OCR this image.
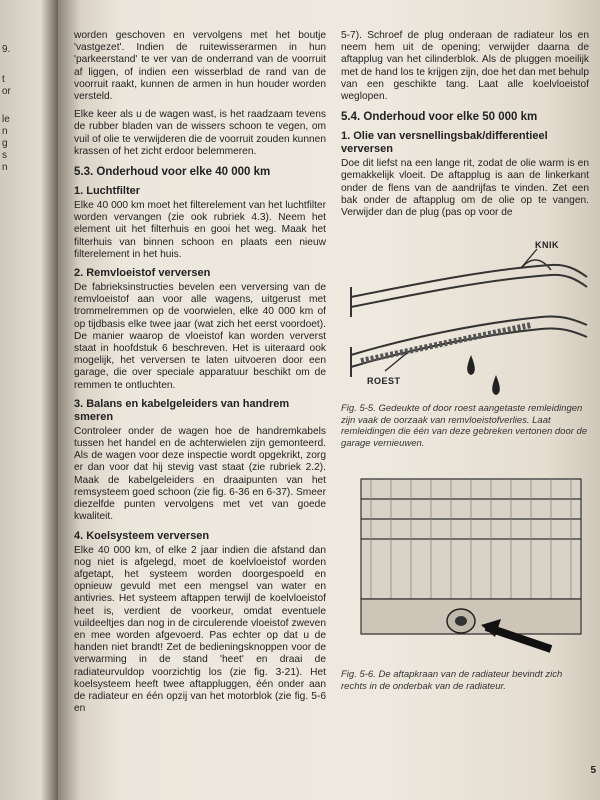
9.
t
or
le
n
g
s
n

worden geschoven en vervolgens met het boutje 'vastgezet'. Indien de ruitewisserarmen in hun 'parkeerstand' te ver van de onderrand van de voorruit af liggen, of indien een wisserblad de rand van de voorruit raakt, kunnen de armen in hun houder worden versteld.

Elke keer als u de wagen wast, is het raadzaam tevens de rubber bladen van de wissers schoon te vegen, om vuil of olie te verwijderen die de voorruit zouden kunnen krassen of het zicht erdoor belemmeren.

5.3. Onderhoud voor elke 40 000 km
1. Luchtfilter

Elke 40 000 km moet het filterelement van het luchtfilter worden vervangen (zie ook rubriek 4.3). Neem het element uit het filterhuis en gooi het weg. Maak het filterhuis van binnen schoon en plaats een nieuw filterelement in het huis.

2. Remvloeistof verversen

De fabrieksinstructies bevelen een verversing van de remvloeistof aan voor alle wagens, uitgerust met trommelremmen op de voorwielen, elke 40 000 km of op tijdbasis elke twee jaar (wat zich het eerst voordoet). De manier waarop de vloeistof kan worden ververst staat in hoofdstuk 6 beschreven. Het is uiteraard ook mogelijk, het verversen te laten uitvoeren door een garage, die over speciale apparatuur beschikt om de remmen te ontluchten.

3. Balans en kabelgeleiders van handrem smeren

Controleer onder de wagen hoe de handremkabels tussen het handel en de achterwielen zijn gemonteerd. Als de wagen voor deze inspectie wordt opgekrikt, zorg er dan voor dat hij stevig vast staat (zie rubriek 2.2). Maak de kabelgeleiders en draaipunten van het remsysteem goed schoon (zie fig. 6-36 en 6-37). Smeer diezelfde punten vervolgens met vet van goede kwaliteit.

4. Koelsysteem verversen

Elke 40 000 km, of elke 2 jaar indien die afstand dan nog niet is afgelegd, moet de koelvloeistof worden afgetapt, het systeem worden doorgespoeld en opnieuw gevuld met een mengsel van water en antivries. Het systeem aftappen terwijl de koelvloeistof heet is, verdient de voorkeur, omdat eventuele vuildeeltjes dan nog in de circulerende vloeistof zweven en mee worden afgevoerd. Pas echter op dat u de handen niet brandt! Zet de bedieningsknoppen voor de verwarming in de stand 'heet' en draai de radiateurvuldop voorzichtig los (zie fig. 3-21). Het koelsysteem heeft twee aftappluggen, één onder aan de radiateur en één opzij van het motorblok (zie fig. 5-6 en

5-7). Schroef de plug onderaan de radiateur los en neem hem uit de opening; verwijder daarna de aftapplug van het cilinderblok. Als de pluggen moeilijk met de hand los te krijgen zijn, doe het dan met behulp van een geschikte tang. Laat alle koelvloeistof weglopen.

5.4. Onderhoud voor elke 50 000 km
1. Olie van versnellingsbak/differentieel verversen

Doe dit liefst na een lange rit, zodat de olie warm is en gemakkelijk vloeit. De aftapplug is aan de linkerkant onder de flens van de aandrijfas te vinden. Zet een bak onder de aftapplug om de olie op te vangen. Verwijder dan de plug (pas op voor de

KNIK
ROEST

Fig. 5-5. Gedeukte of door roest aangetaste remleidingen zijn vaak de oorzaak van remvloeistofverlies. Laat remleidingen die één van deze gebreken vertonen door de garage vernieuwen.

Fig. 5-6. De aftapkraan van de radiateur bevindt zich rechts in de onderbak van de radiateur.

5
